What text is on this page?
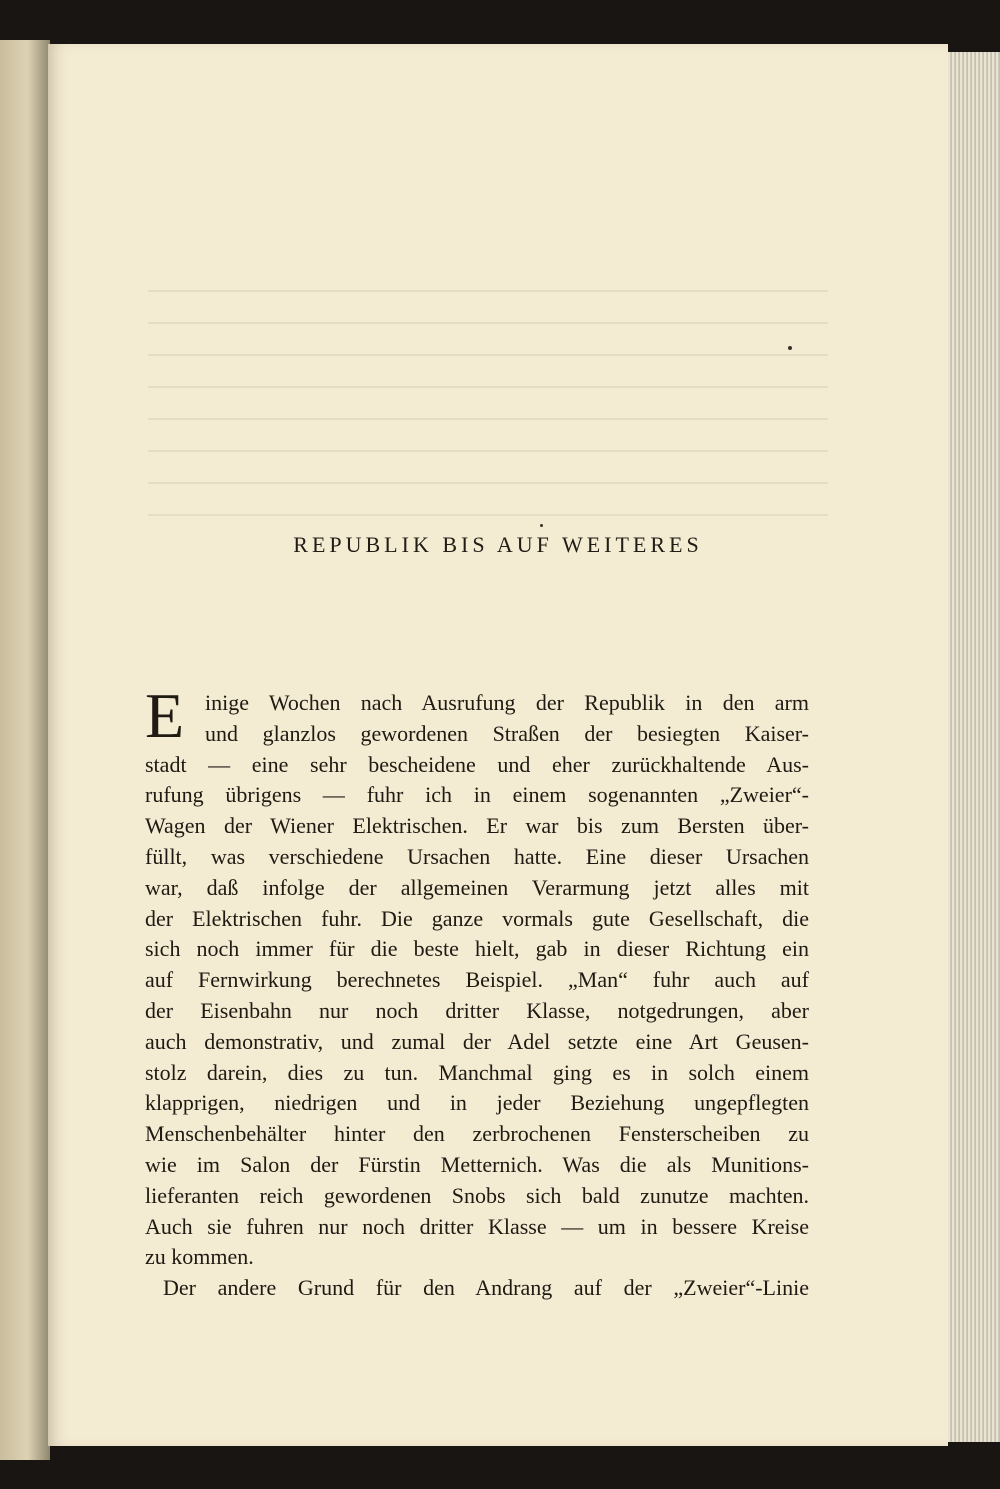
REPUBLIK BIS AUF WEITERES
E inige Wochen nach Ausrufung der Republik in den arm
und glanzlos gewordenen Straßen der besiegten Kaiser-
stadt — eine sehr bescheidene und eher zurückhaltende Aus-
rufung übrigens — fuhr ich in einem sogenannten „Zweier“-
Wagen der Wiener Elektrischen. Er war bis zum Bersten über-
füllt, was verschiedene Ursachen hatte. Eine dieser Ursachen
war, daß infolge der allgemeinen Verarmung jetzt alles mit
der Elektrischen fuhr. Die ganze vormals gute Gesellschaft, die
sich noch immer für die beste hielt, gab in dieser Richtung ein
auf Fernwirkung berechnetes Beispiel. „Man“ fuhr auch auf
der Eisenbahn nur noch dritter Klasse, notgedrungen, aber
auch demonstrativ, und zumal der Adel setzte eine Art Geusen-
stolz darein, dies zu tun. Manchmal ging es in solch einem
klapprigen, niedrigen und in jeder Beziehung ungepflegten
Menschenbehälter hinter den zerbrochenen Fensterscheiben zu
wie im Salon der Fürstin Metternich. Was die als Munitions-
lieferanten reich gewordenen Snobs sich bald zunutze machten.
Auch sie fuhren nur noch dritter Klasse — um in bessere Kreise
zu kommen.

Der andere Grund für den Andrang auf der „Zweier“-Linie
